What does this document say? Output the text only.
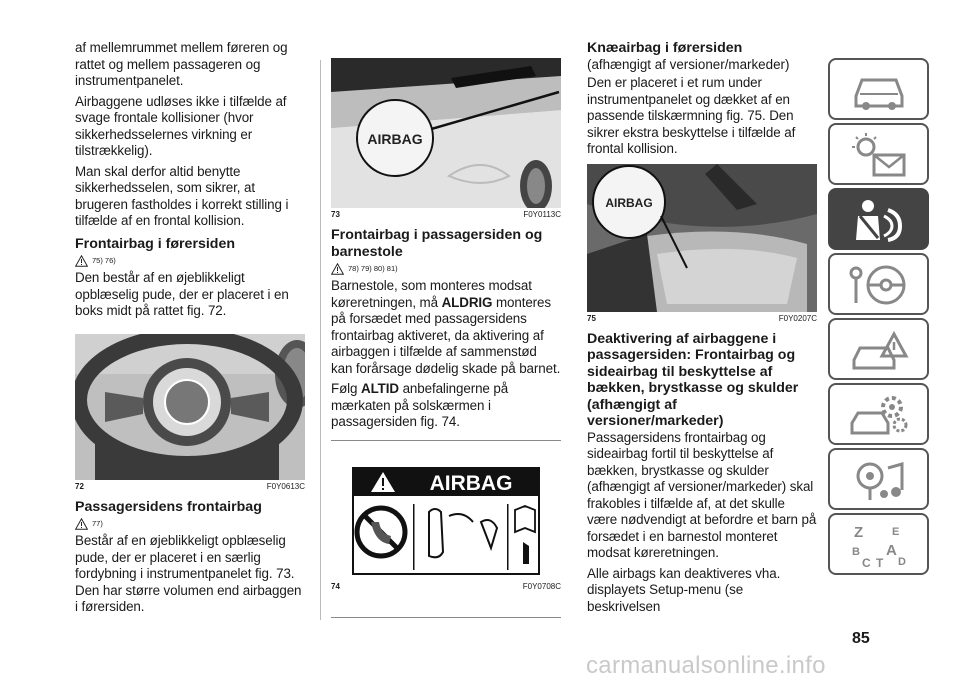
af mellemrummet mellem føreren og rattet og mellem passageren og instrumentpanelet.

Airbaggene udløses ikke i tilfælde af svage frontale kollisioner (hvor sikkerhedsselernes virkning er tilstrækkelig).

Man skal derfor altid benytte sikkerhedsselen, som sikrer, at brugeren fastholdes i korrekt stilling i tilfælde af en frontal kollision.

Frontairbag i førersiden
75) 76)

Den består af en øjeblikkeligt opblæselig pude, der er placeret i en boks midt på rattet fig. 72.

72	F0Y0613C
Passagersidens frontairbag
77)

Består af en øjeblikkeligt opblæselig pude, der er placeret i en særlig fordybning i instrumentpanelet fig. 73. Den har større volumen end airbaggen i førersiden.

AIRBAG
73	F0Y0113C
Frontairbag i passagersiden og barnestole
78) 79) 80) 81)

Barnestole, som monteres modsat køreretningen, må ALDRIG monteres på forsædet med passagersidens frontairbag aktiveret, da aktivering af airbaggen i tilfælde af sammenstød kan forårsage dødelig skade på barnet.

Følg ALTID anbefalingerne på mærkaten på solskærmen i passagersiden fig. 74.

AIRBAG
74	F0Y0708C
Knæairbag i førersiden

(afhængigt af versioner/markeder)

Den er placeret i et rum under instrumentpanelet og dækket af en passende tilskærmning fig. 75. Den sikrer ekstra beskyttelse i tilfælde af frontal kollision.

AIRBAG
75	F0Y0207C
Deaktivering af airbaggene i passagersiden: Frontairbag og sideairbag til beskyttelse af bækken, brystkasse og skulder (afhængigt af versioner/markeder)

Passagersidens frontairbag og sideairbag fortil til beskyttelse af bækken, brystkasse og skulder (afhængigt af versioner/markeder) skal frakobles i tilfælde af, at det skulle være nødvendigt at befordre et barn på forsædet i en barnestol monteret modsat køreretningen.

Alle airbags kan deaktiveres vha. displayets Setup-menu (se beskrivelsen

Z	E
B A
C T D
85
carmanualsonline.info
